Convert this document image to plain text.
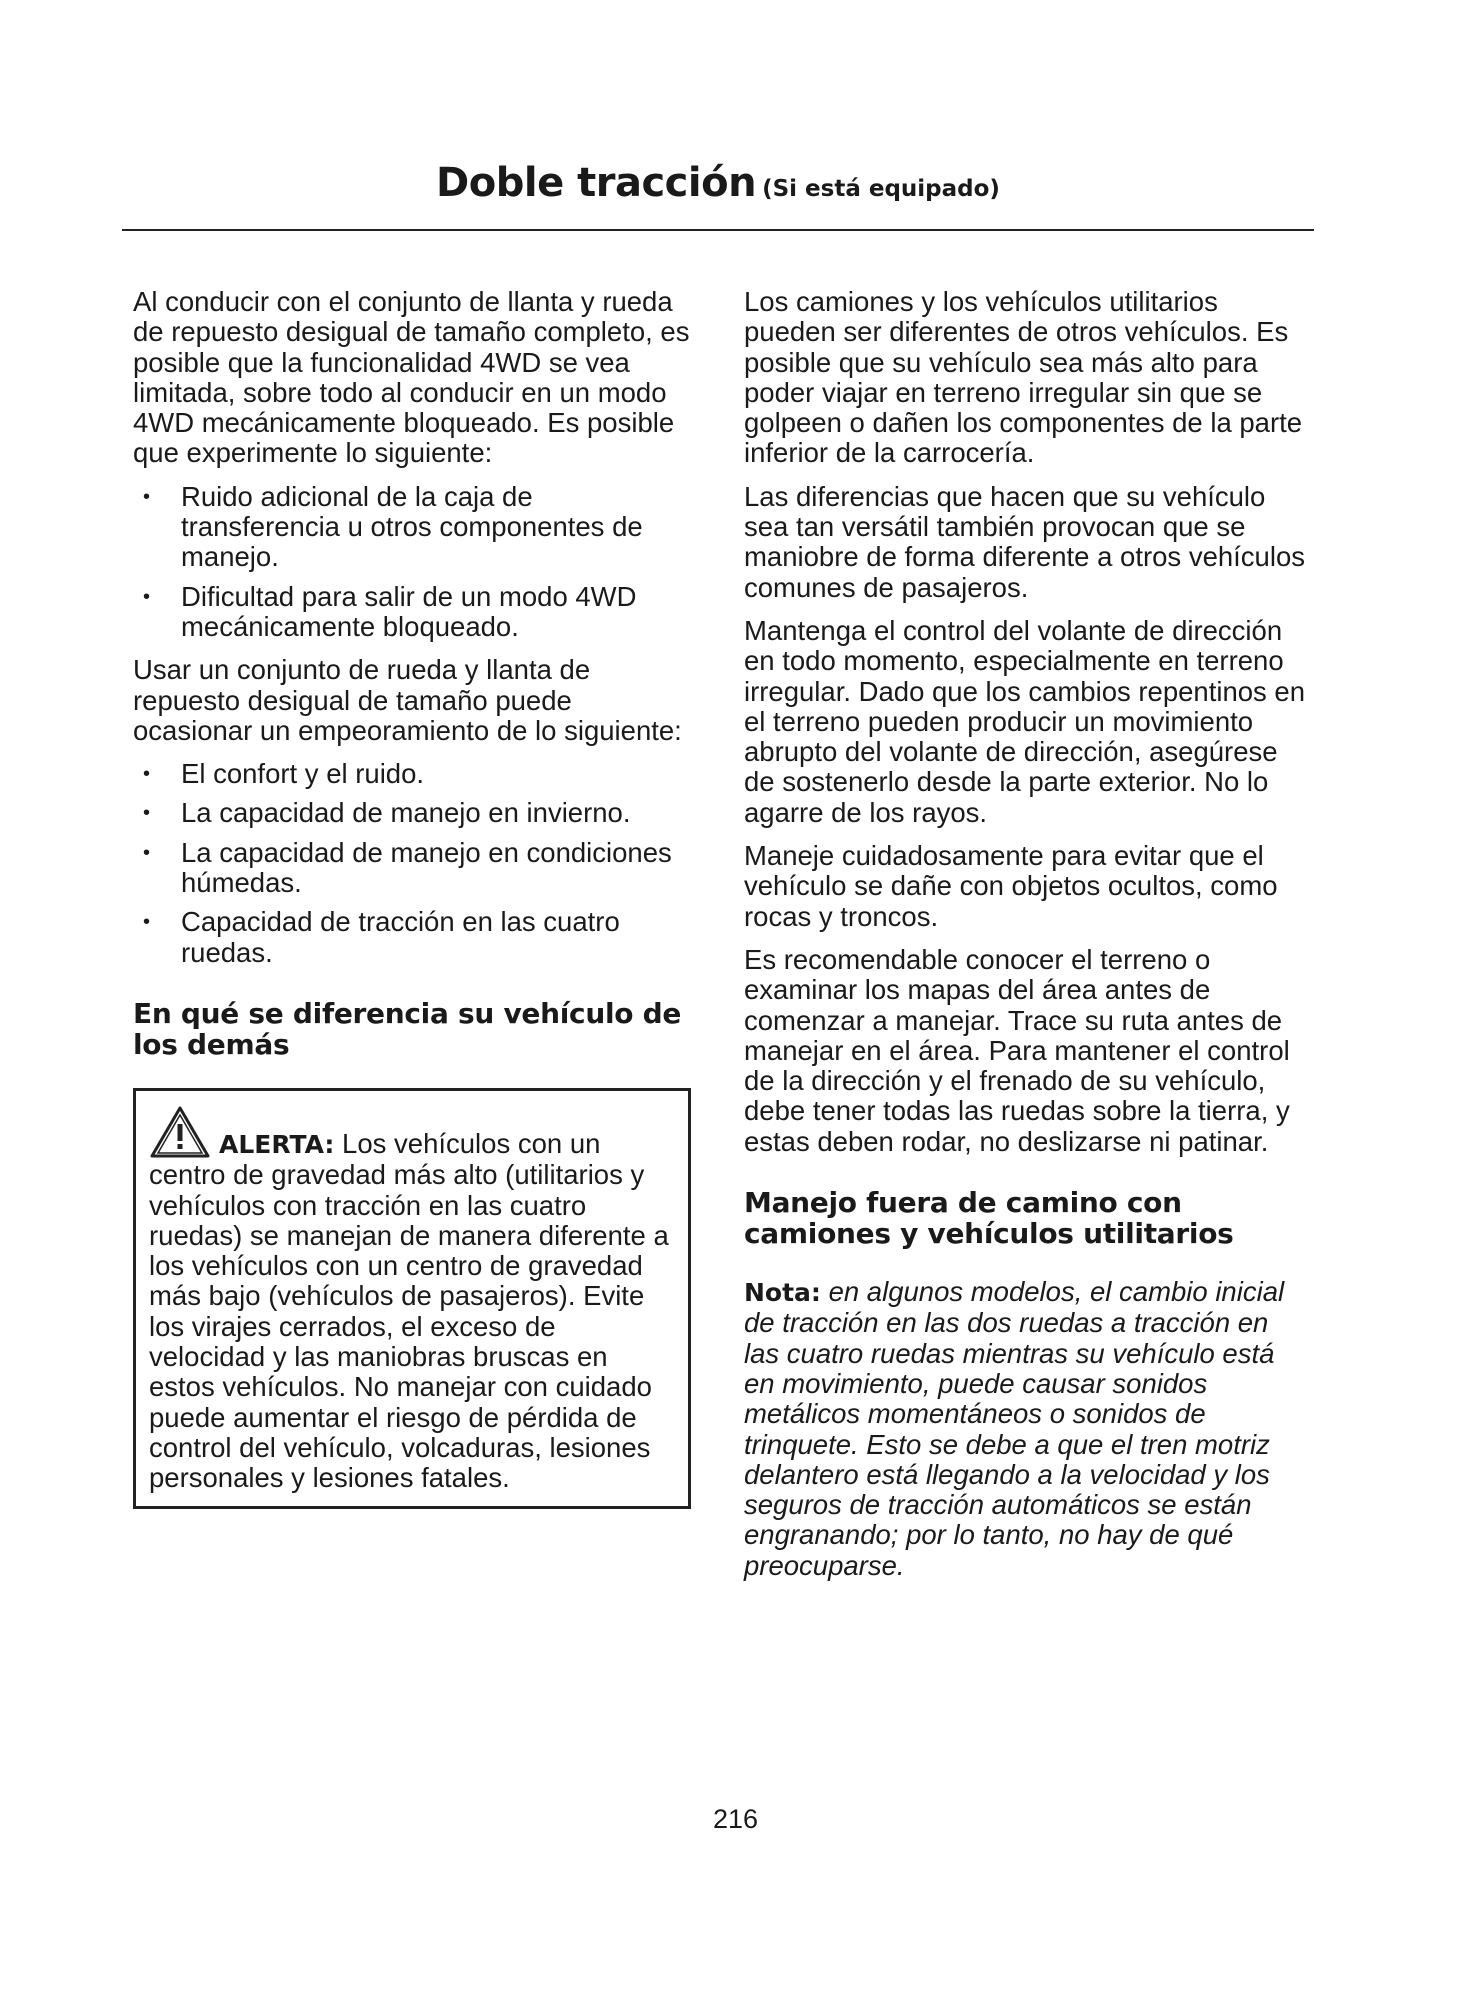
Doble tracción (Si está equipado)

Al conducir con el conjunto de llanta y rueda de repuesto desigual de tamaño completo, es posible que la funcionalidad 4WD se vea limitada, sobre todo al conducir en un modo 4WD mecánicamente bloqueado. Es posible que experimente lo siguiente:

• Ruido adicional de la caja de transferencia u otros componentes de manejo.
• Dificultad para salir de un modo 4WD mecánicamente bloqueado.

Usar un conjunto de rueda y llanta de repuesto desigual de tamaño puede ocasionar un empeoramiento de lo siguiente:

• El confort y el ruido.
• La capacidad de manejo en invierno.
• La capacidad de manejo en condiciones húmedas.
• Capacidad de tracción en las cuatro ruedas.
En qué se diferencia su vehículo de los demás
ALERTA: Los vehículos con un centro de gravedad más alto (utilitarios y vehículos con tracción en las cuatro ruedas) se manejan de manera diferente a los vehículos con un centro de gravedad más bajo (vehículos de pasajeros). Evite los virajes cerrados, el exceso de velocidad y las maniobras bruscas en estos vehículos. No manejar con cuidado puede aumentar el riesgo de pérdida de control del vehículo, volcaduras, lesiones personales y lesiones fatales.

Los camiones y los vehículos utilitarios pueden ser diferentes de otros vehículos. Es posible que su vehículo sea más alto para poder viajar en terreno irregular sin que se golpeen o dañen los componentes de la parte inferior de la carrocería.

Las diferencias que hacen que su vehículo sea tan versátil también provocan que se maniobre de forma diferente a otros vehículos comunes de pasajeros.

Mantenga el control del volante de dirección en todo momento, especialmente en terreno irregular. Dado que los cambios repentinos en el terreno pueden producir un movimiento abrupto del volante de dirección, asegúrese de sostenerlo desde la parte exterior. No lo agarre de los rayos.

Maneje cuidadosamente para evitar que el vehículo se dañe con objetos ocultos, como rocas y troncos.

Es recomendable conocer el terreno o examinar los mapas del área antes de comenzar a manejar. Trace su ruta antes de manejar en el área. Para mantener el control de la dirección y el frenado de su vehículo, debe tener todas las ruedas sobre la tierra, y estas deben rodar, no deslizarse ni patinar.

Manejo fuera de camino con camiones y vehículos utilitarios

Nota: en algunos modelos, el cambio inicial de tracción en las dos ruedas a tracción en las cuatro ruedas mientras su vehículo está en movimiento, puede causar sonidos metálicos momentáneos o sonidos de trinquete. Esto se debe a que el tren motriz delantero está llegando a la velocidad y los seguros de tracción automáticos se están engranando; por lo tanto, no hay de qué preocuparse.

216
